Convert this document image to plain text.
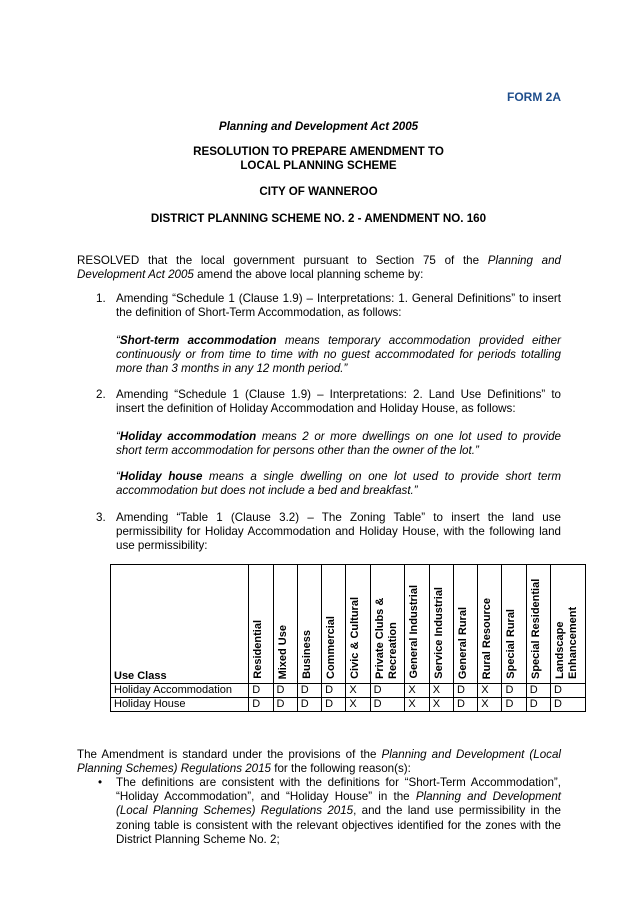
FORM 2A
Planning and Development Act 2005
RESOLUTION TO PREPARE AMENDMENT TO
LOCAL PLANNING SCHEME
CITY OF WANNEROO
DISTRICT PLANNING SCHEME NO. 2 - AMENDMENT NO. 160
RESOLVED that the local government pursuant to Section 75 of the Planning and Development Act 2005 amend the above local planning scheme by:
1. Amending “Schedule 1 (Clause 1.9) – Interpretations: 1. General Definitions” to insert the definition of Short-Term Accommodation, as follows:
“Short-term accommodation means temporary accommodation provided either continuously or from time to time with no guest accommodated for periods totalling more than 3 months in any 12 month period.”
2. Amending “Schedule 1 (Clause 1.9) – Interpretations: 2. Land Use Definitions” to insert the definition of Holiday Accommodation and Holiday House, as follows:
“Holiday accommodation means 2 or more dwellings on one lot used to provide short term accommodation for persons other than the owner of the lot.”
“Holiday house means a single dwelling on one lot used to provide short term accommodation but does not include a bed and breakfast.”
3. Amending “Table 1 (Clause 3.2) – The Zoning Table” to insert the land use permissibility for Holiday Accommodation and Holiday House, with the following land use permissibility:
Use Class	Residential	Mixed Use	Business	Commercial	Civic & Cultural	Private Clubs & Recreation	General Industrial	Service Industrial	General Rural	Rural Resource	Special Rural	Special Residential	Landscape Enhancement
Holiday Accommodation	D	D	D	D	X	D	X	X	D	X	D	D	D
Holiday House	D	D	D	D	X	D	X	X	D	X	D	D	D
The Amendment is standard under the provisions of the Planning and Development (Local Planning Schemes) Regulations 2015 for the following reason(s):
• The definitions are consistent with the definitions for “Short-Term Accommodation”, “Holiday Accommodation”, and “Holiday House” in the Planning and Development (Local Planning Schemes) Regulations 2015, and the land use permissibility in the zoning table is consistent with the relevant objectives identified for the zones with the District Planning Scheme No. 2;
